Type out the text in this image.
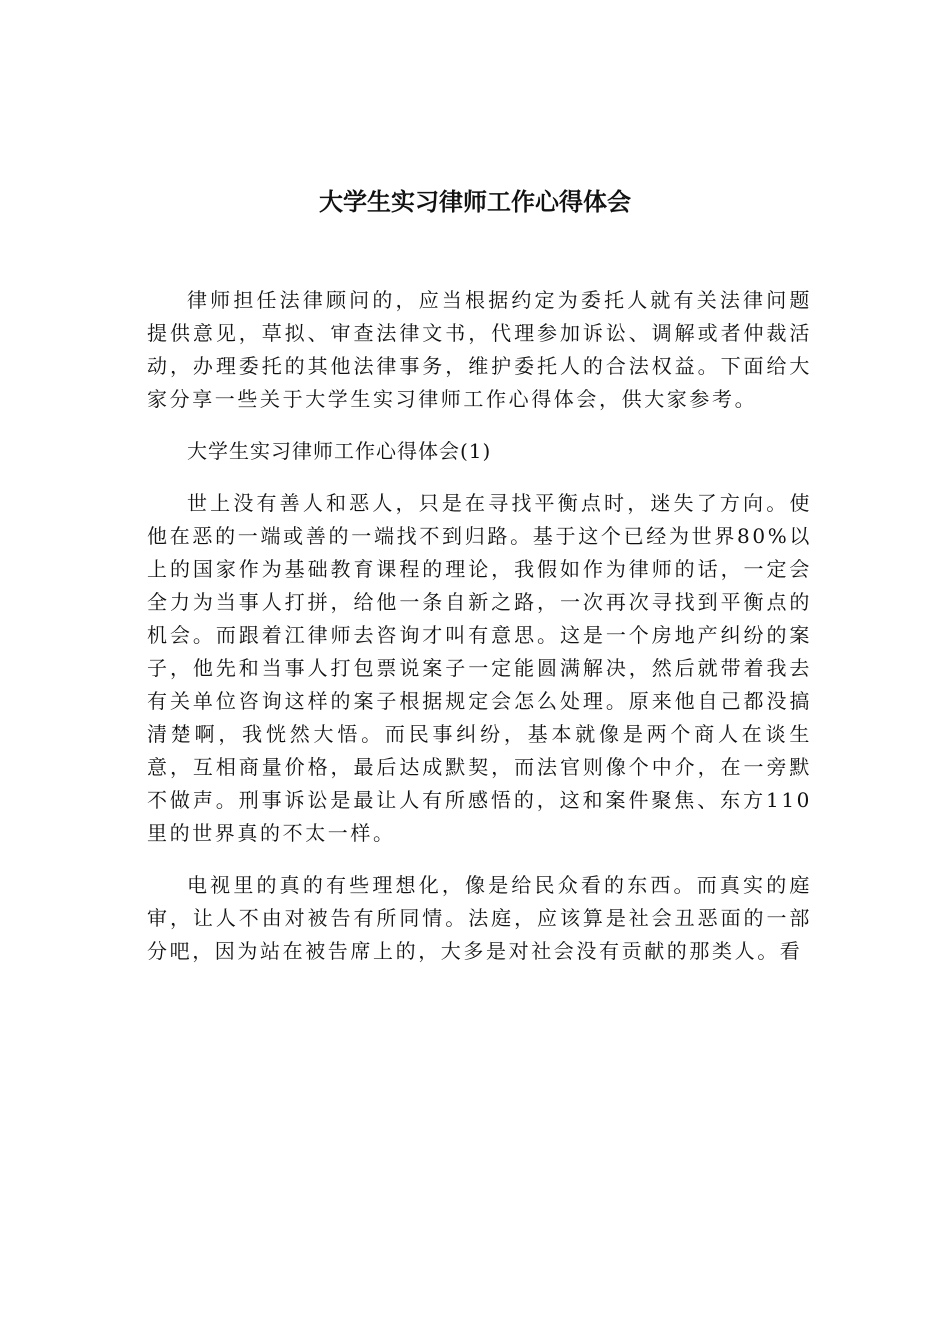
大学生实习律师工作心得体会

律师担任法律顾问的，应当根据约定为委托人就有关法律问题提供意见，草拟、审查法律文书，代理参加诉讼、调解或者仲裁活动，办理委托的其他法律事务，维护委托人的合法权益。下面给大家分享一些关于大学生实习律师工作心得体会，供大家参考。

大学生实习律师工作心得体会(1)

世上没有善人和恶人，只是在寻找平衡点时，迷失了方向。使他在恶的一端或善的一端找不到归路。基于这个已经为世界80%以上的国家作为基础教育课程的理论，我假如作为律师的话，一定会全力为当事人打拼，给他一条自新之路，一次再次寻找到平衡点的机会。而跟着江律师去咨询才叫有意思。这是一个房地产纠纷的案子，他先和当事人打包票说案子一定能圆满解决，然后就带着我去有关单位咨询这样的案子根据规定会怎么处理。原来他自己都没搞清楚啊，我恍然大悟。而民事纠纷，基本就像是两个商人在谈生意，互相商量价格，最后达成默契，而法官则像个中介，在一旁默不做声。刑事诉讼是最让人有所感悟的，这和案件聚焦、东方110里的世界真的不太一样。

电视里的真的有些理想化，像是给民众看的东西。而真实的庭审，让人不由对被告有所同情。法庭，应该算是社会丑恶面的一部分吧，因为站在被告席上的，大多是对社会没有贡献的那类人。看
